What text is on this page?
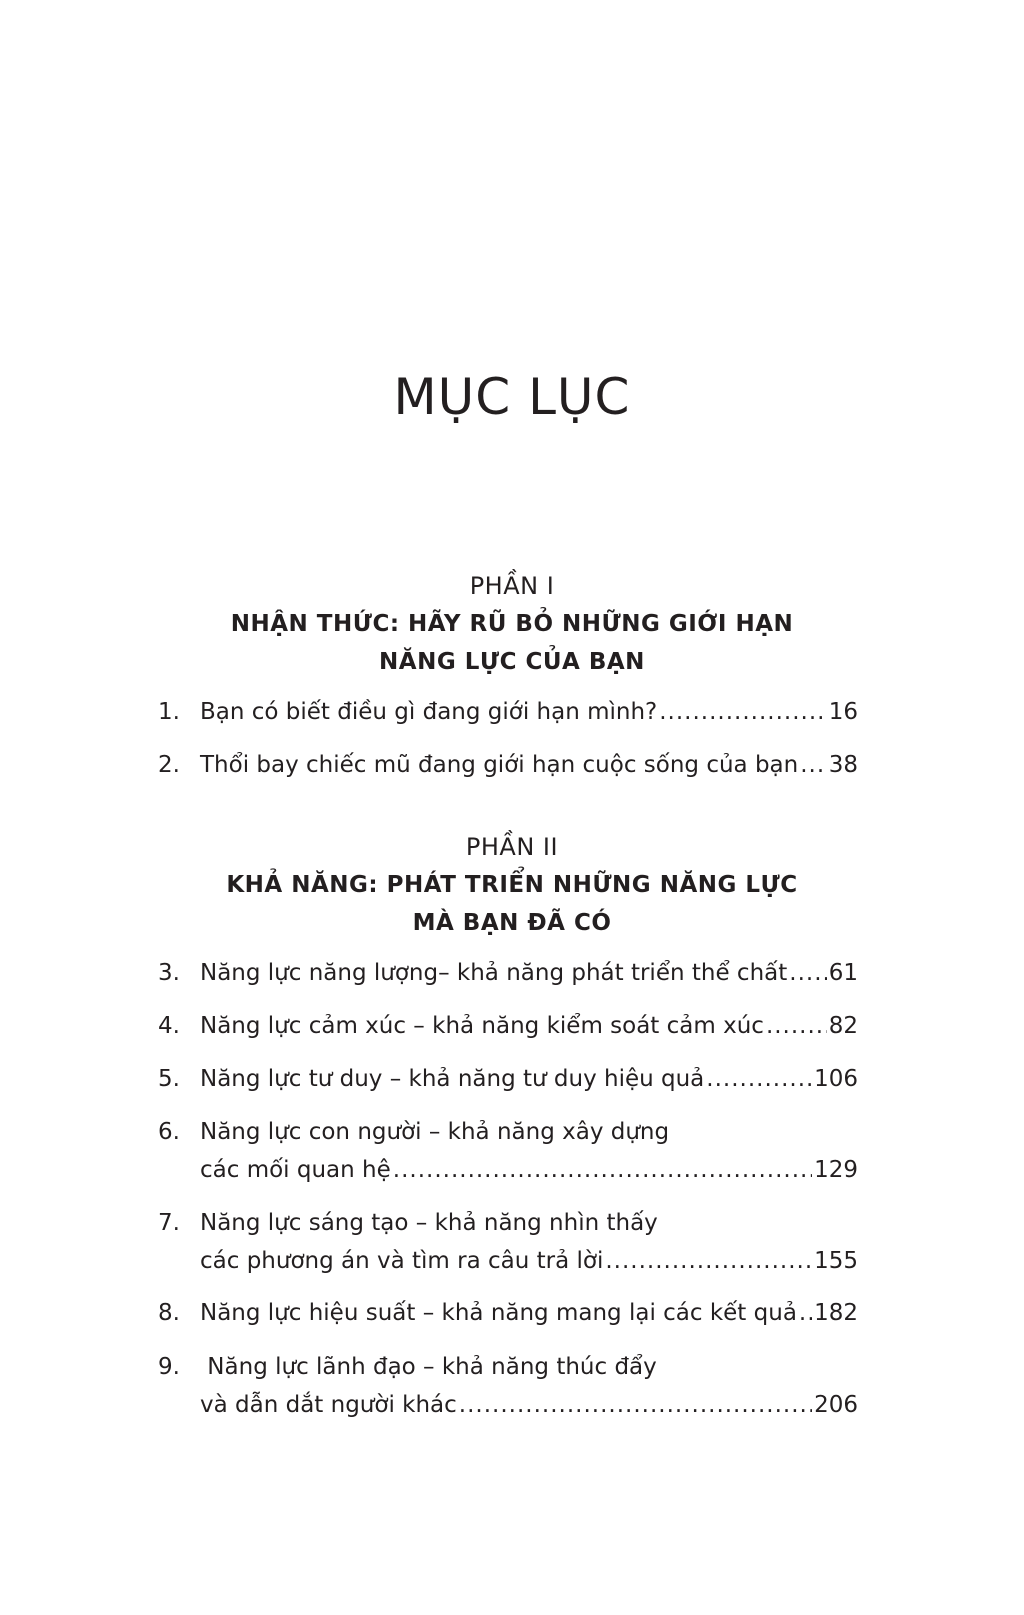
MỤC LỤC
PHẦN I
NHẬN THỨC: HÃY RŨ BỎ NHỮNG GIỚI HẠN
NĂNG LỰC CỦA BẠN
1. Bạn có biết điều gì đang giới hạn mình? .....	16
2. Thổi bay chiếc mũ đang giới hạn cuộc sống của bạn ..... 38
PHẦN II
KHẢ NĂNG: PHÁT TRIỂN NHỮNG NĂNG LỰC
MÀ BẠN ĐÃ CÓ
3. Năng lực năng lượng– khả năng phát triển thể chất ..... 61
4. Năng lực cảm xúc – khả năng kiểm soát cảm xúc .....	82
5. Năng lực tư duy – khả năng tư duy hiệu quả .....	106
6. Năng lực con người – khả năng xây dựng
các mối quan hệ .....	129
7. Năng lực sáng tạo – khả năng nhìn thấy
các phương án và tìm ra câu trả lời .....	155
8. Năng lực hiệu suất – khả năng mang lại các kết quả ..... 182
9. Năng lực lãnh đạo – khả năng thúc đẩy
và dẫn dắt người khác .....	206
